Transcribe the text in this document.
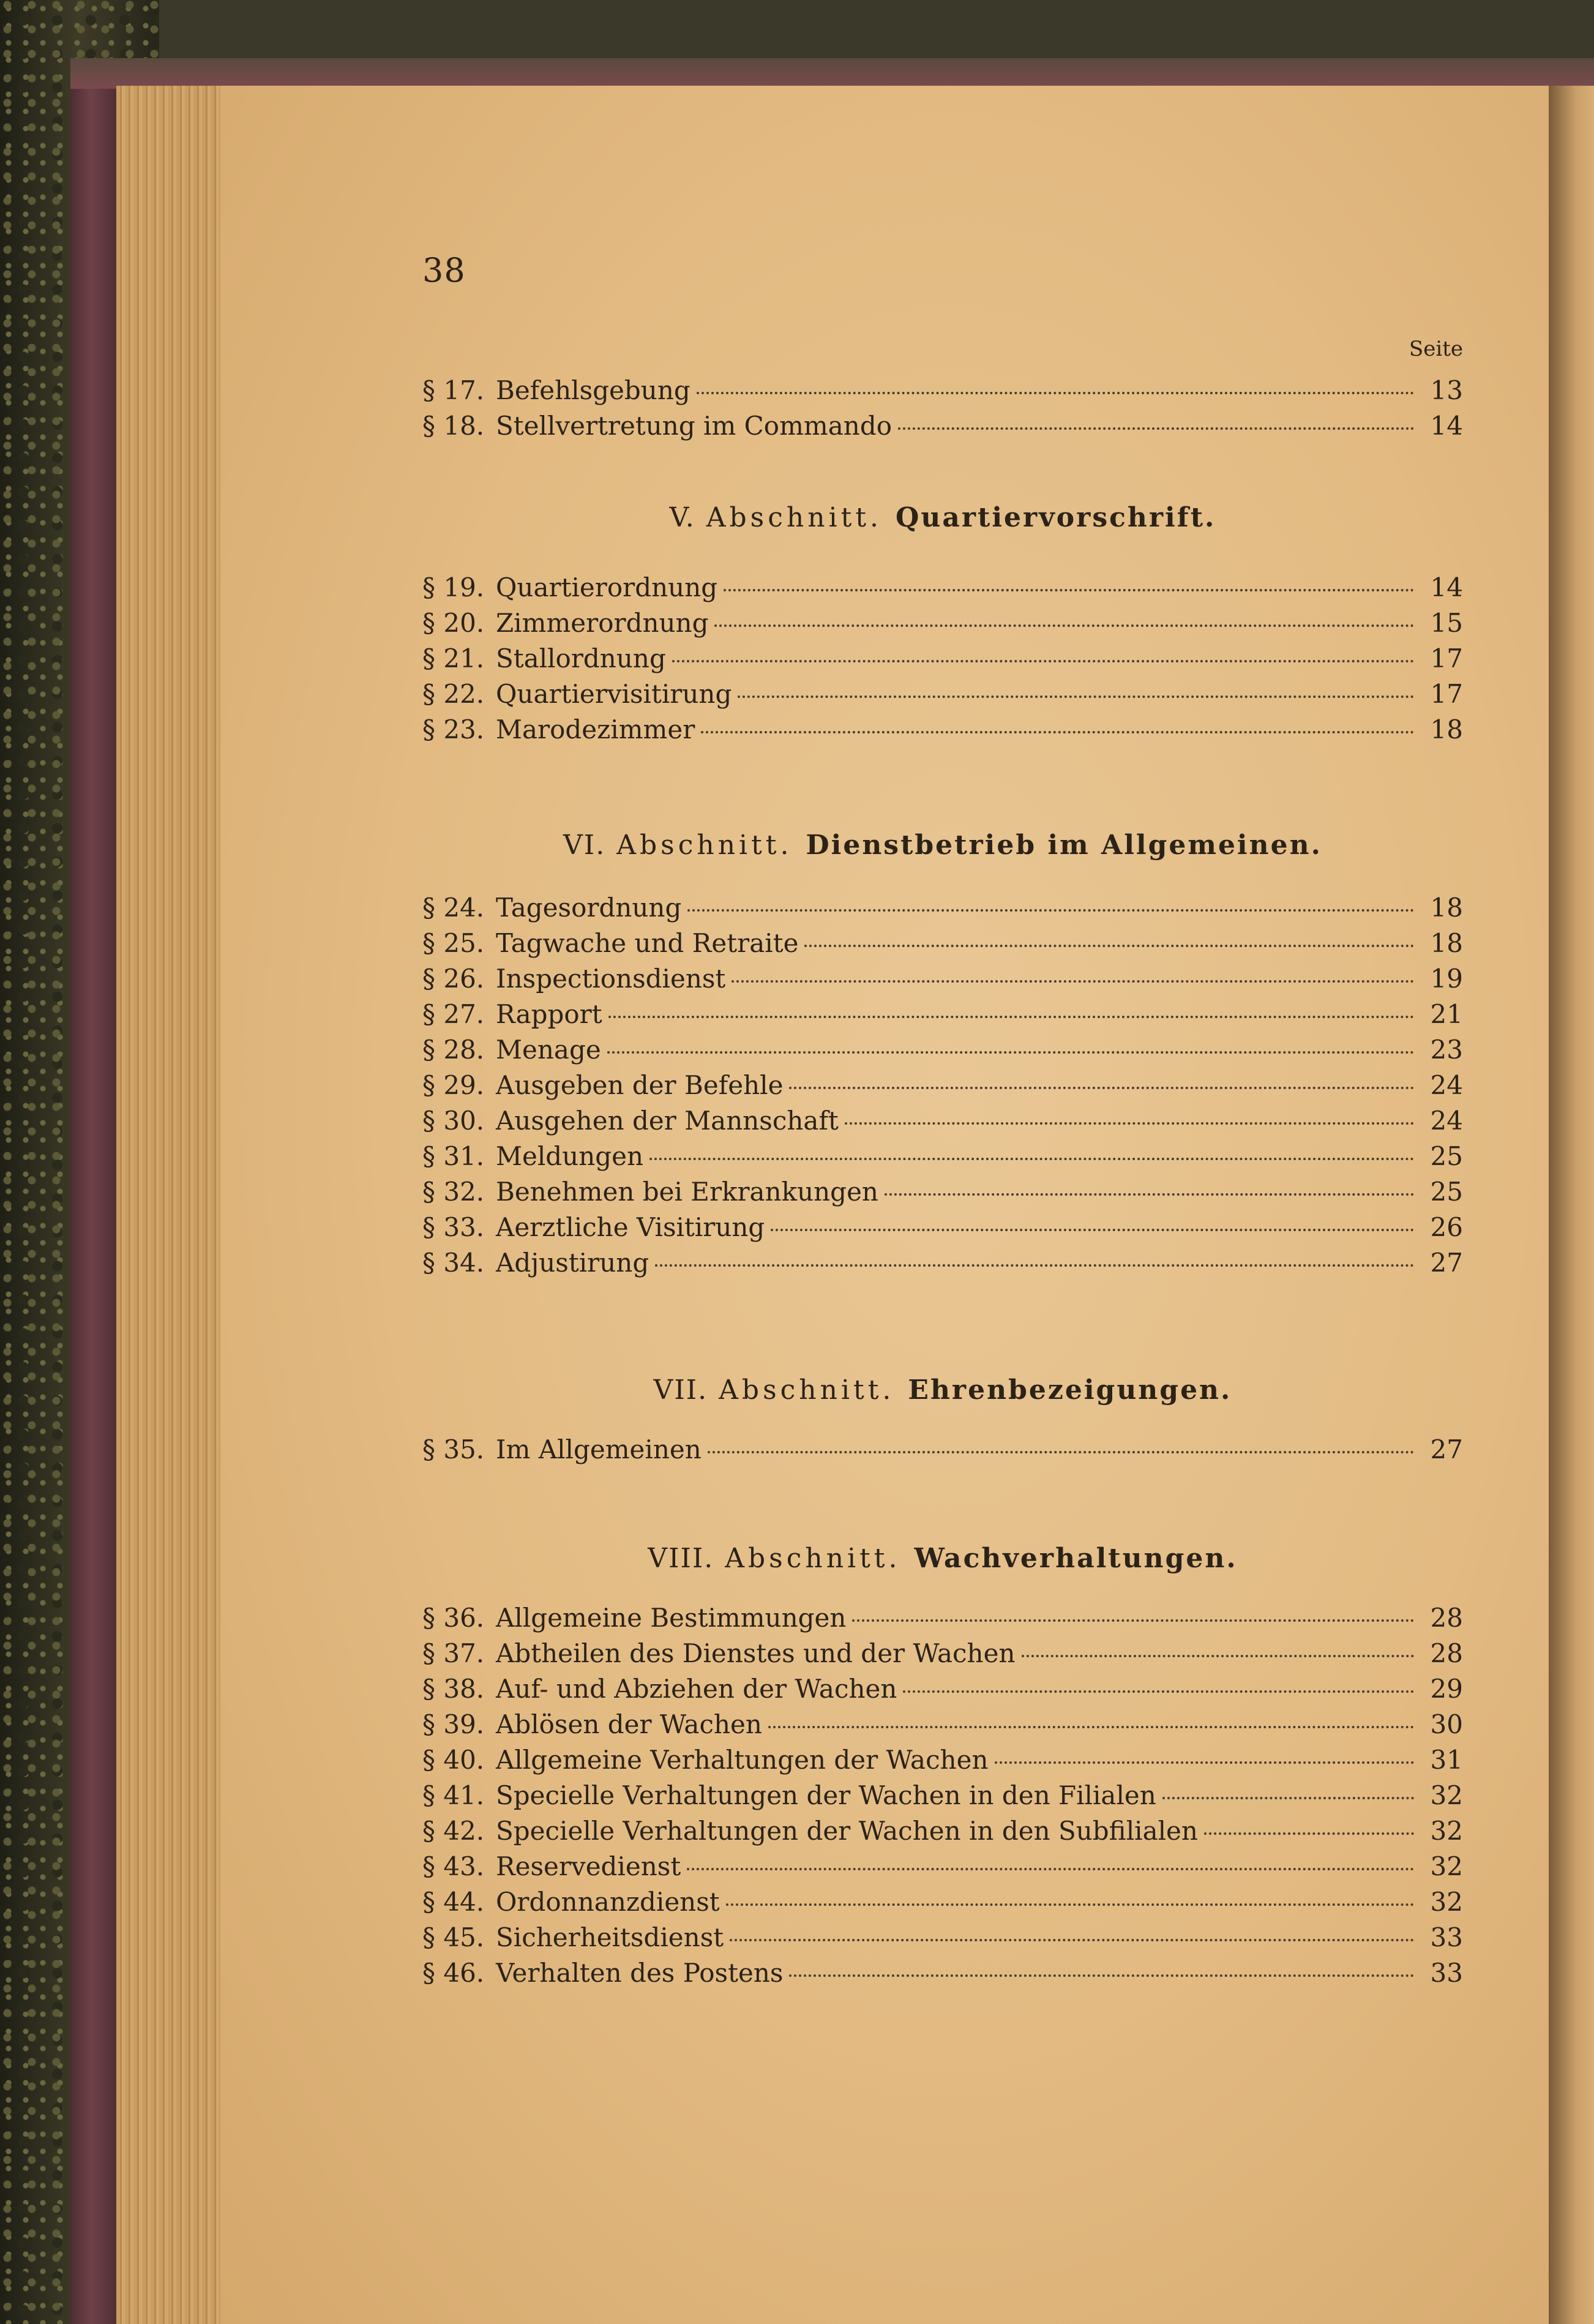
38
Seite
§ 17. Befehlsgebung	13
§ 18. Stellvertretung im Commando	14
V. Abschnitt. Quartiervorschrift.
§ 19. Quartierordnung	14
§ 20. Zimmerordnung	15
§ 21. Stallordnung	17
§ 22. Quartiervisitirung	17
§ 23. Marodezimmer	18
VI. Abschnitt. Dienstbetrieb im Allgemeinen.
§ 24. Tagesordnung	18
§ 25. Tagwache und Retraite	18
§ 26. Inspectionsdienst	19
§ 27. Rapport	21
§ 28. Menage	23
§ 29. Ausgeben der Befehle	24
§ 30. Ausgehen der Mannschaft	24
§ 31. Meldungen	25
§ 32. Benehmen bei Erkrankungen	25
§ 33. Aerztliche Visitirung	26
§ 34. Adjustirung	27
VII. Abschnitt. Ehrenbezeigungen.
§ 35. Im Allgemeinen	27
VIII. Abschnitt. Wachverhaltungen.
§ 36. Allgemeine Bestimmungen	28
§ 37. Abtheilen des Dienstes und der Wachen	28
§ 38. Auf- und Abziehen der Wachen	29
§ 39. Ablösen der Wachen	30
§ 40. Allgemeine Verhaltungen der Wachen	31
§ 41. Specielle Verhaltungen der Wachen in den Filialen	32
§ 42. Specielle Verhaltungen der Wachen in den Subfilialen	32
§ 43. Reservedienst	32
§ 44. Ordonnanzdienst	32
§ 45. Sicherheitsdienst	33
§ 46. Verhalten des Postens	33
